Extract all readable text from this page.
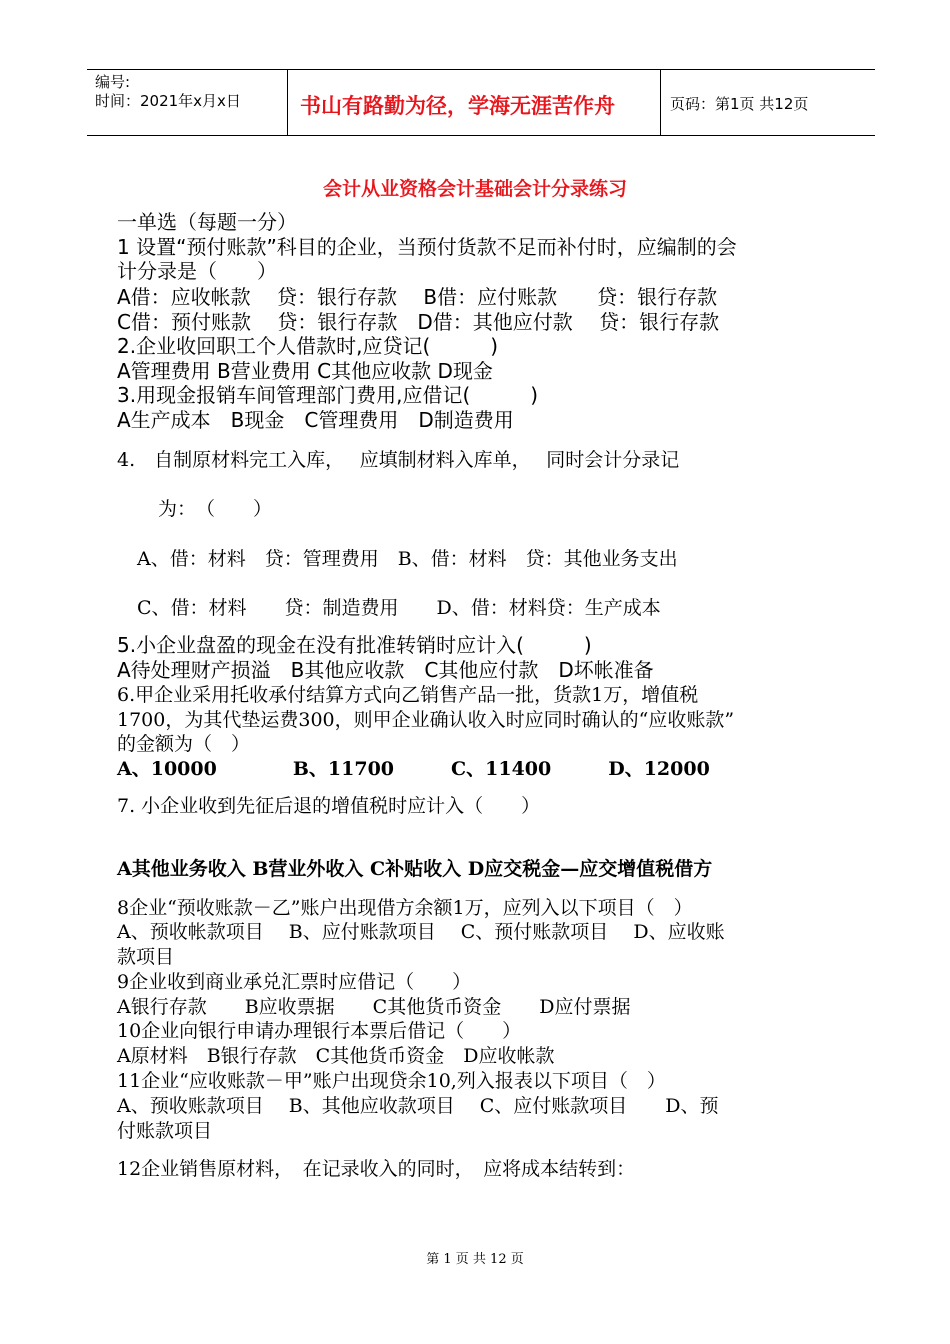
编号:
时间：2021年x月x日	书山有路勤为径，学海无涯苦作舟	页码：第1页 共12页
会计从业资格会计基础会计分录练习
一单选（每题一分）
1 设置“预付账款”科目的企业，当预付货款不足而补付时，应编制的会
计分录是（　　）
A借：应收帐款　 贷：银行存款　 B借：应付账款　　贷：银行存款
C借：预付账款　 贷：银行存款　D借：其他应付款　 贷：银行存款
2.企业收回职工个人借款时,应贷记(　　　)
A管理费用 B营业费用 C其他应收款 D现金
3.用现金报销车间管理部门费用,应借记(　　　)
A生产成本　B现金　C管理费用　D制造费用
4.　自制原材料完工入库，　 应填制材料入库单，　 同时会计分录记
为：　（　　）
A、借：材料　贷：管理费用　B、借：材料　贷：其他业务支出
C、借：材料　　贷：制造费用　　D、借：材料贷：生产成本
5.小企业盘盈的现金在没有批准转销时应计入(　　　)
A待处理财产损溢　B其他应收款　C其他应付款　D坏帐准备
6.甲企业采用托收承付结算方式向乙销售产品一批，货款1万，增值税
1700，为其代垫运费300，则甲企业确认收入时应同时确认的“应收账款”
的金额为（　）
A、10000　　　　B、11700　　　C、11400　　　D、12000
7. 小企业收到先征后退的增值税时应计入（　　）
A其他业务收入 B营业外收入 C补贴收入 D应交税金—应交增值税借方
8企业“预收账款－乙”账户出现借方余额1万，应列入以下项目（　）
A、预收帐款项目　 B、应付账款项目　 C、预付账款项目　 D、应收账
款项目
9企业收到商业承兑汇票时应借记（　　）
A银行存款　　B应收票据　　C其他货币资金　　D应付票据
10企业向银行申请办理银行本票后借记（　　）
A原材料　B银行存款　C其他货币资金　D应收帐款
11企业“应收账款－甲”账户出现贷余10,列入报表以下项目（　）
A、预收账款项目　 B、其他应收款项目　 C、应付账款项目　　D、预
付账款项目
12企业销售原材料，　在记录收入的同时，　应将成本结转到：
第 1 页 共 12 页
